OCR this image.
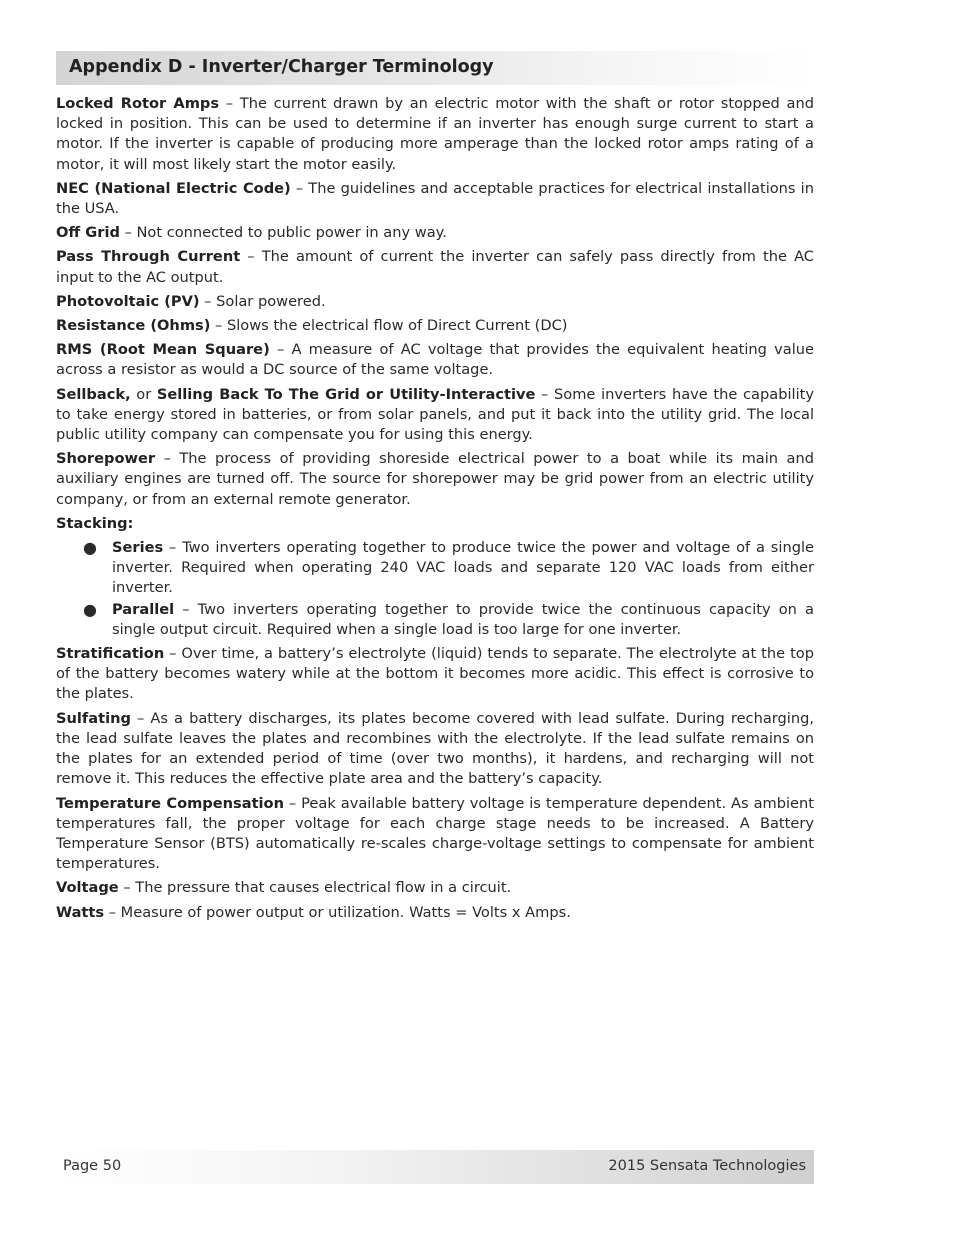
Appendix D - Inverter/Charger Terminology

Locked Rotor Amps – The current drawn by an electric motor with the shaft or rotor stopped and locked in position. This can be used to determine if an inverter has enough surge current to start a motor. If the inverter is capable of producing more amperage than the locked rotor amps rating of a motor, it will most likely start the motor easily.

NEC (National Electric Code) – The guidelines and acceptable practices for electrical installations in the USA.

Off Grid – Not connected to public power in any way.

Pass Through Current – The amount of current the inverter can safely pass directly from the AC input to the AC output.

Photovoltaic (PV) – Solar powered.

Resistance (Ohms) – Slows the electrical flow of Direct Current (DC)

RMS (Root Mean Square) – A measure of AC voltage that provides the equivalent heating value across a resistor as would a DC source of the same voltage.

Sellback, or Selling Back To The Grid or Utility-Interactive – Some inverters have the capability to take energy stored in batteries, or from solar panels, and put it back into the utility grid. The local public utility company can compensate you for using this energy.

Shorepower – The process of providing shoreside electrical power to a boat while its main and auxiliary engines are turned off. The source for shorepower may be grid power from an electric utility company, or from an external remote generator.

Stacking:

● Series – Two inverters operating together to produce twice the power and voltage of a single inverter. Required when operating 240 VAC loads and separate 120 VAC loads from either inverter.
● Parallel – Two inverters operating together to provide twice the continuous capacity on a single output circuit. Required when a single load is too large for one inverter.

Stratification – Over time, a battery’s electrolyte (liquid) tends to separate. The electrolyte at the top of the battery becomes watery while at the bottom it becomes more acidic. This effect is corrosive to the plates.

Sulfating – As a battery discharges, its plates become covered with lead sulfate. During recharging, the lead sulfate leaves the plates and recombines with the electrolyte. If the lead sulfate remains on the plates for an extended period of time (over two months), it hardens, and recharging will not remove it. This reduces the effective plate area and the battery’s capacity.

Temperature Compensation – Peak available battery voltage is temperature dependent. As ambient temperatures fall, the proper voltage for each charge stage needs to be increased. A Battery Temperature Sensor (BTS) automatically re-scales charge-voltage settings to compensate for ambient temperatures.

Voltage – The pressure that causes electrical flow in a circuit.

Watts – Measure of power output or utilization. Watts = Volts x Amps.

Page 50	2015 Sensata Technologies
